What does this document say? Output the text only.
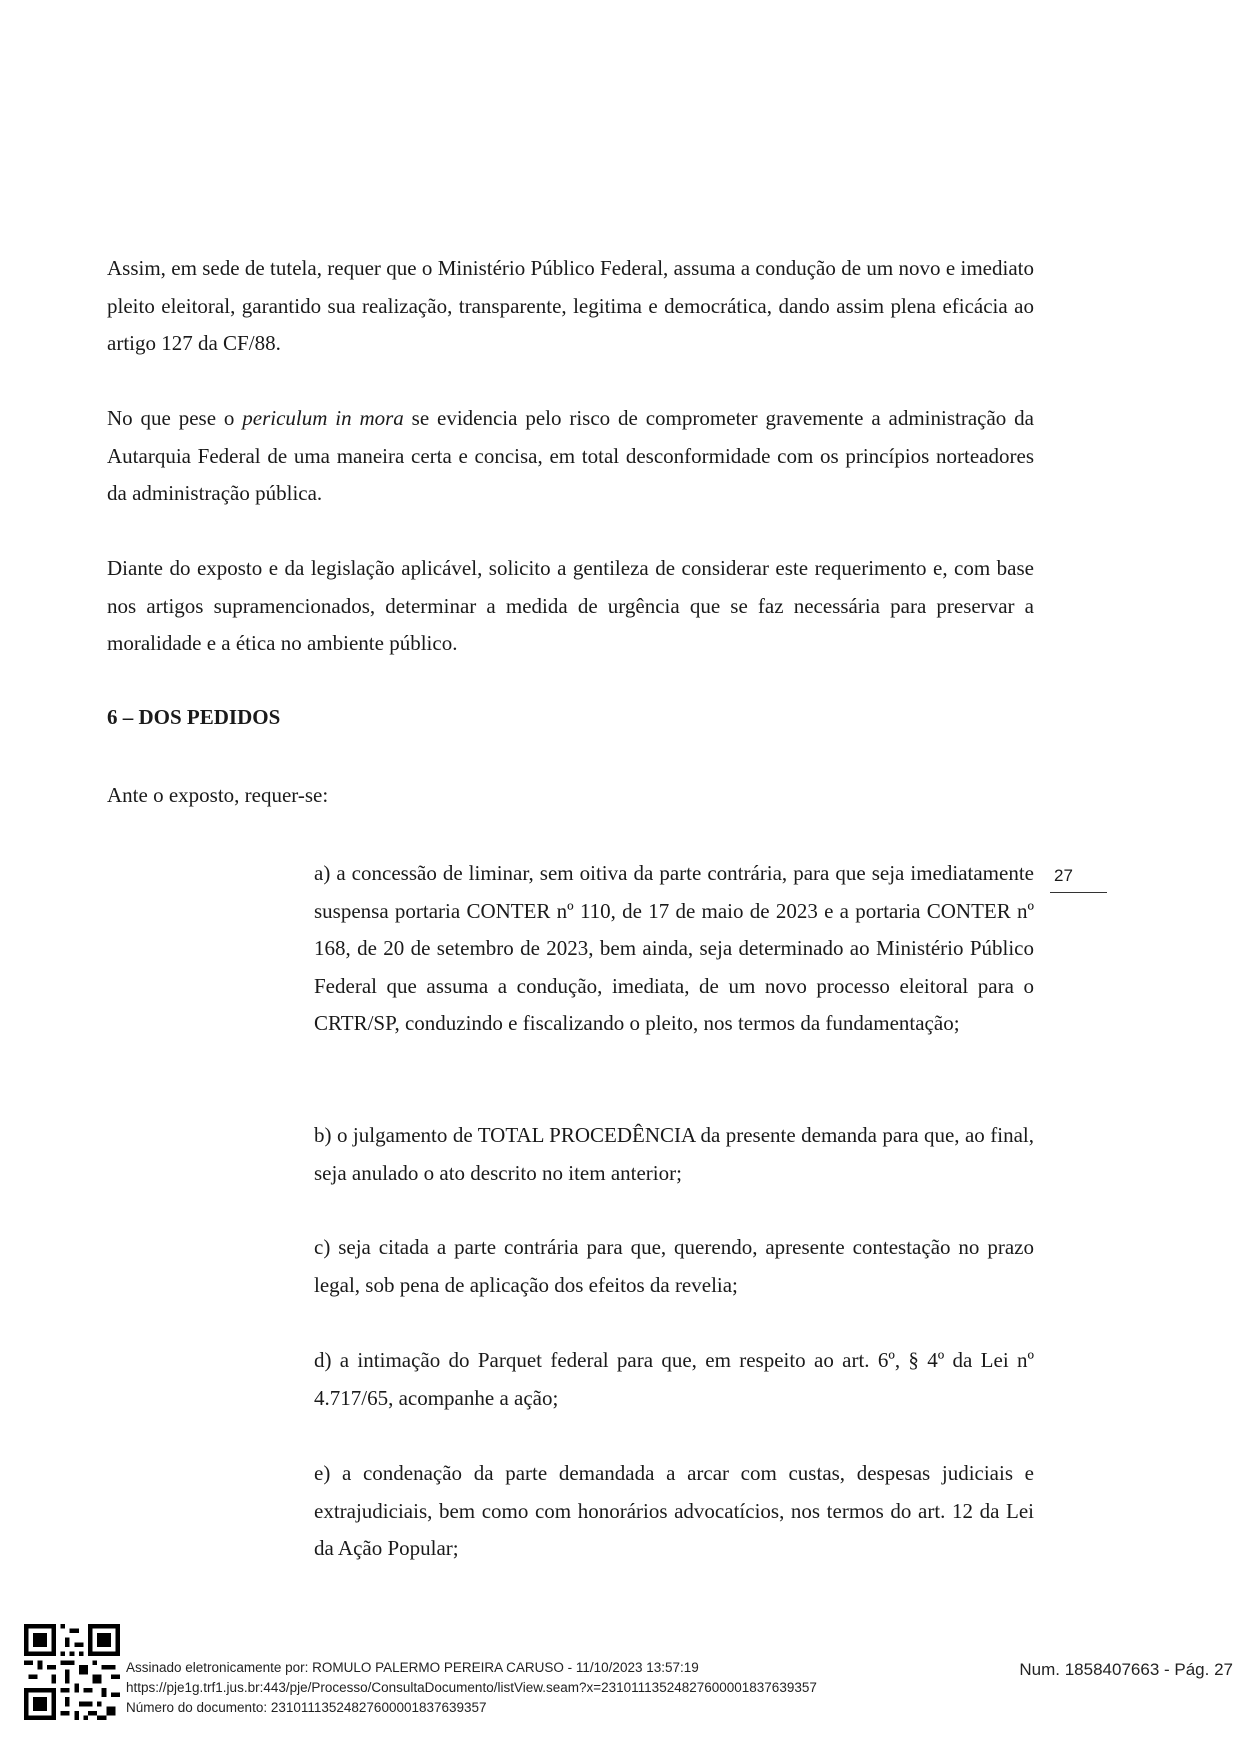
Assim, em sede de tutela, requer que o Ministério Público Federal, assuma a condução de um novo e imediato pleito eleitoral, garantido sua realização, transparente, legitima e democrática, dando assim plena eficácia ao artigo 127 da CF/88.

No que pese o periculum in mora se evidencia pelo risco de comprometer gravemente a administração da Autarquia Federal de uma maneira certa e concisa, em total desconformidade com os princípios norteadores da administração pública.

Diante do exposto e da legislação aplicável, solicito a gentileza de considerar este requerimento e, com base nos artigos supramencionados, determinar a medida de urgência que se faz necessária para preservar a moralidade e a ética no ambiente público.

6 – DOS PEDIDOS

Ante o exposto, requer-se:

a) a concessão de liminar, sem oitiva da parte contrária, para que seja imediatamente suspensa portaria CONTER nº 110, de 17 de maio de 2023 e a portaria CONTER nº 168, de 20 de setembro de 2023, bem ainda, seja determinado ao Ministério Público Federal que assuma a condução, imediata, de um novo processo eleitoral para o CRTR/SP, conduzindo e fiscalizando o pleito, nos termos da fundamentação;

b) o julgamento de TOTAL PROCEDÊNCIA da presente demanda para que, ao final, seja anulado o ato descrito no item anterior;

c) seja citada a parte contrária para que, querendo, apresente contestação no prazo legal, sob pena de aplicação dos efeitos da revelia;

d) a intimação do Parquet federal para que, em respeito ao art. 6º, § 4º da Lei nº 4.717/65, acompanhe a ação;

e) a condenação da parte demandada a arcar com custas, despesas judiciais e extrajudiciais, bem como com honorários advocatícios, nos termos do art. 12 da Lei da Ação Popular;

27
Assinado eletronicamente por: ROMULO PALERMO PEREIRA CARUSO - 11/10/2023 13:57:19
https://pje1g.trf1.jus.br:443/pje/Processo/ConsultaDocumento/listView.seam?x=23101113524827600001837639357
Número do documento: 23101113524827600001837639357
Num. 1858407663 - Pág. 27
